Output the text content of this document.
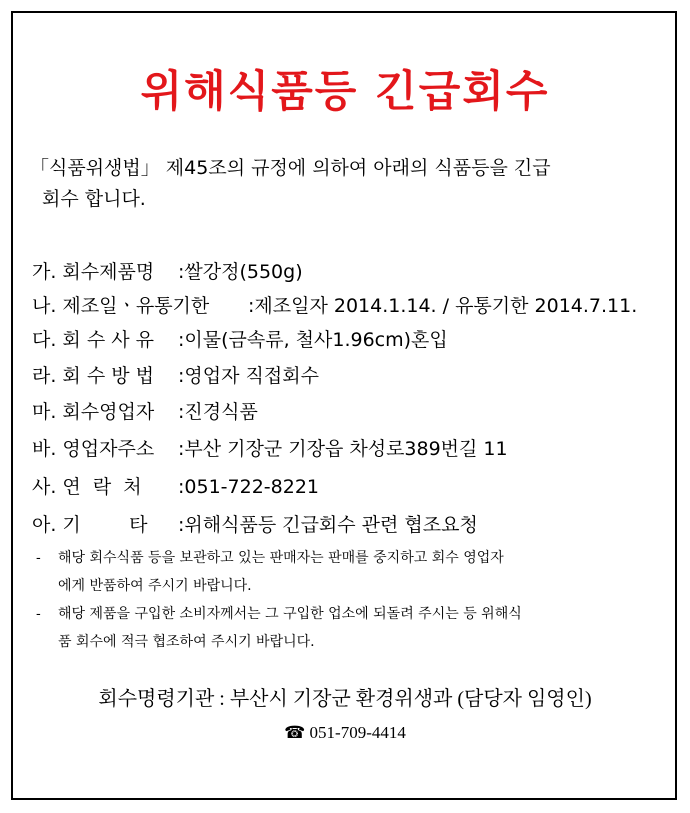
위해식품등 긴급회수
「식품위생법」 제45조의 규정에 의하여 아래의 식품등을 긴급
회수 합니다.
가. 회수제품명 :쌀강정(550g)
나. 제조일ㆍ유통기한 :제조일자 2014.1.14. / 유통기한 2014.7.11.
다. 회 수 사 유 :이물(금속류, 철사1.96cm)혼입
라. 회 수 방 법 :영업자 직접회수
마. 회수영업자 :진경식품
바. 영업자주소 :부산 기장군 기장읍 차성로389번길 11
사. 연  락  처 :051-722-8221
아. 기        타 :위해식품등 긴급회수 관련 협조요청
- 해당 회수식품 등을 보관하고 있는 판매자는 판매를 중지하고 회수 영업자
에게 반품하여 주시기 바랍니다.
- 해당 제품을 구입한 소비자께서는 그 구입한 업소에 되돌려 주시는 등 위해식
품 회수에 적극 협조하여 주시기 바랍니다.
회수명령기관 : 부산시 기장군 환경위생과 (담당자 임영인)
☎ 051-709-4414
